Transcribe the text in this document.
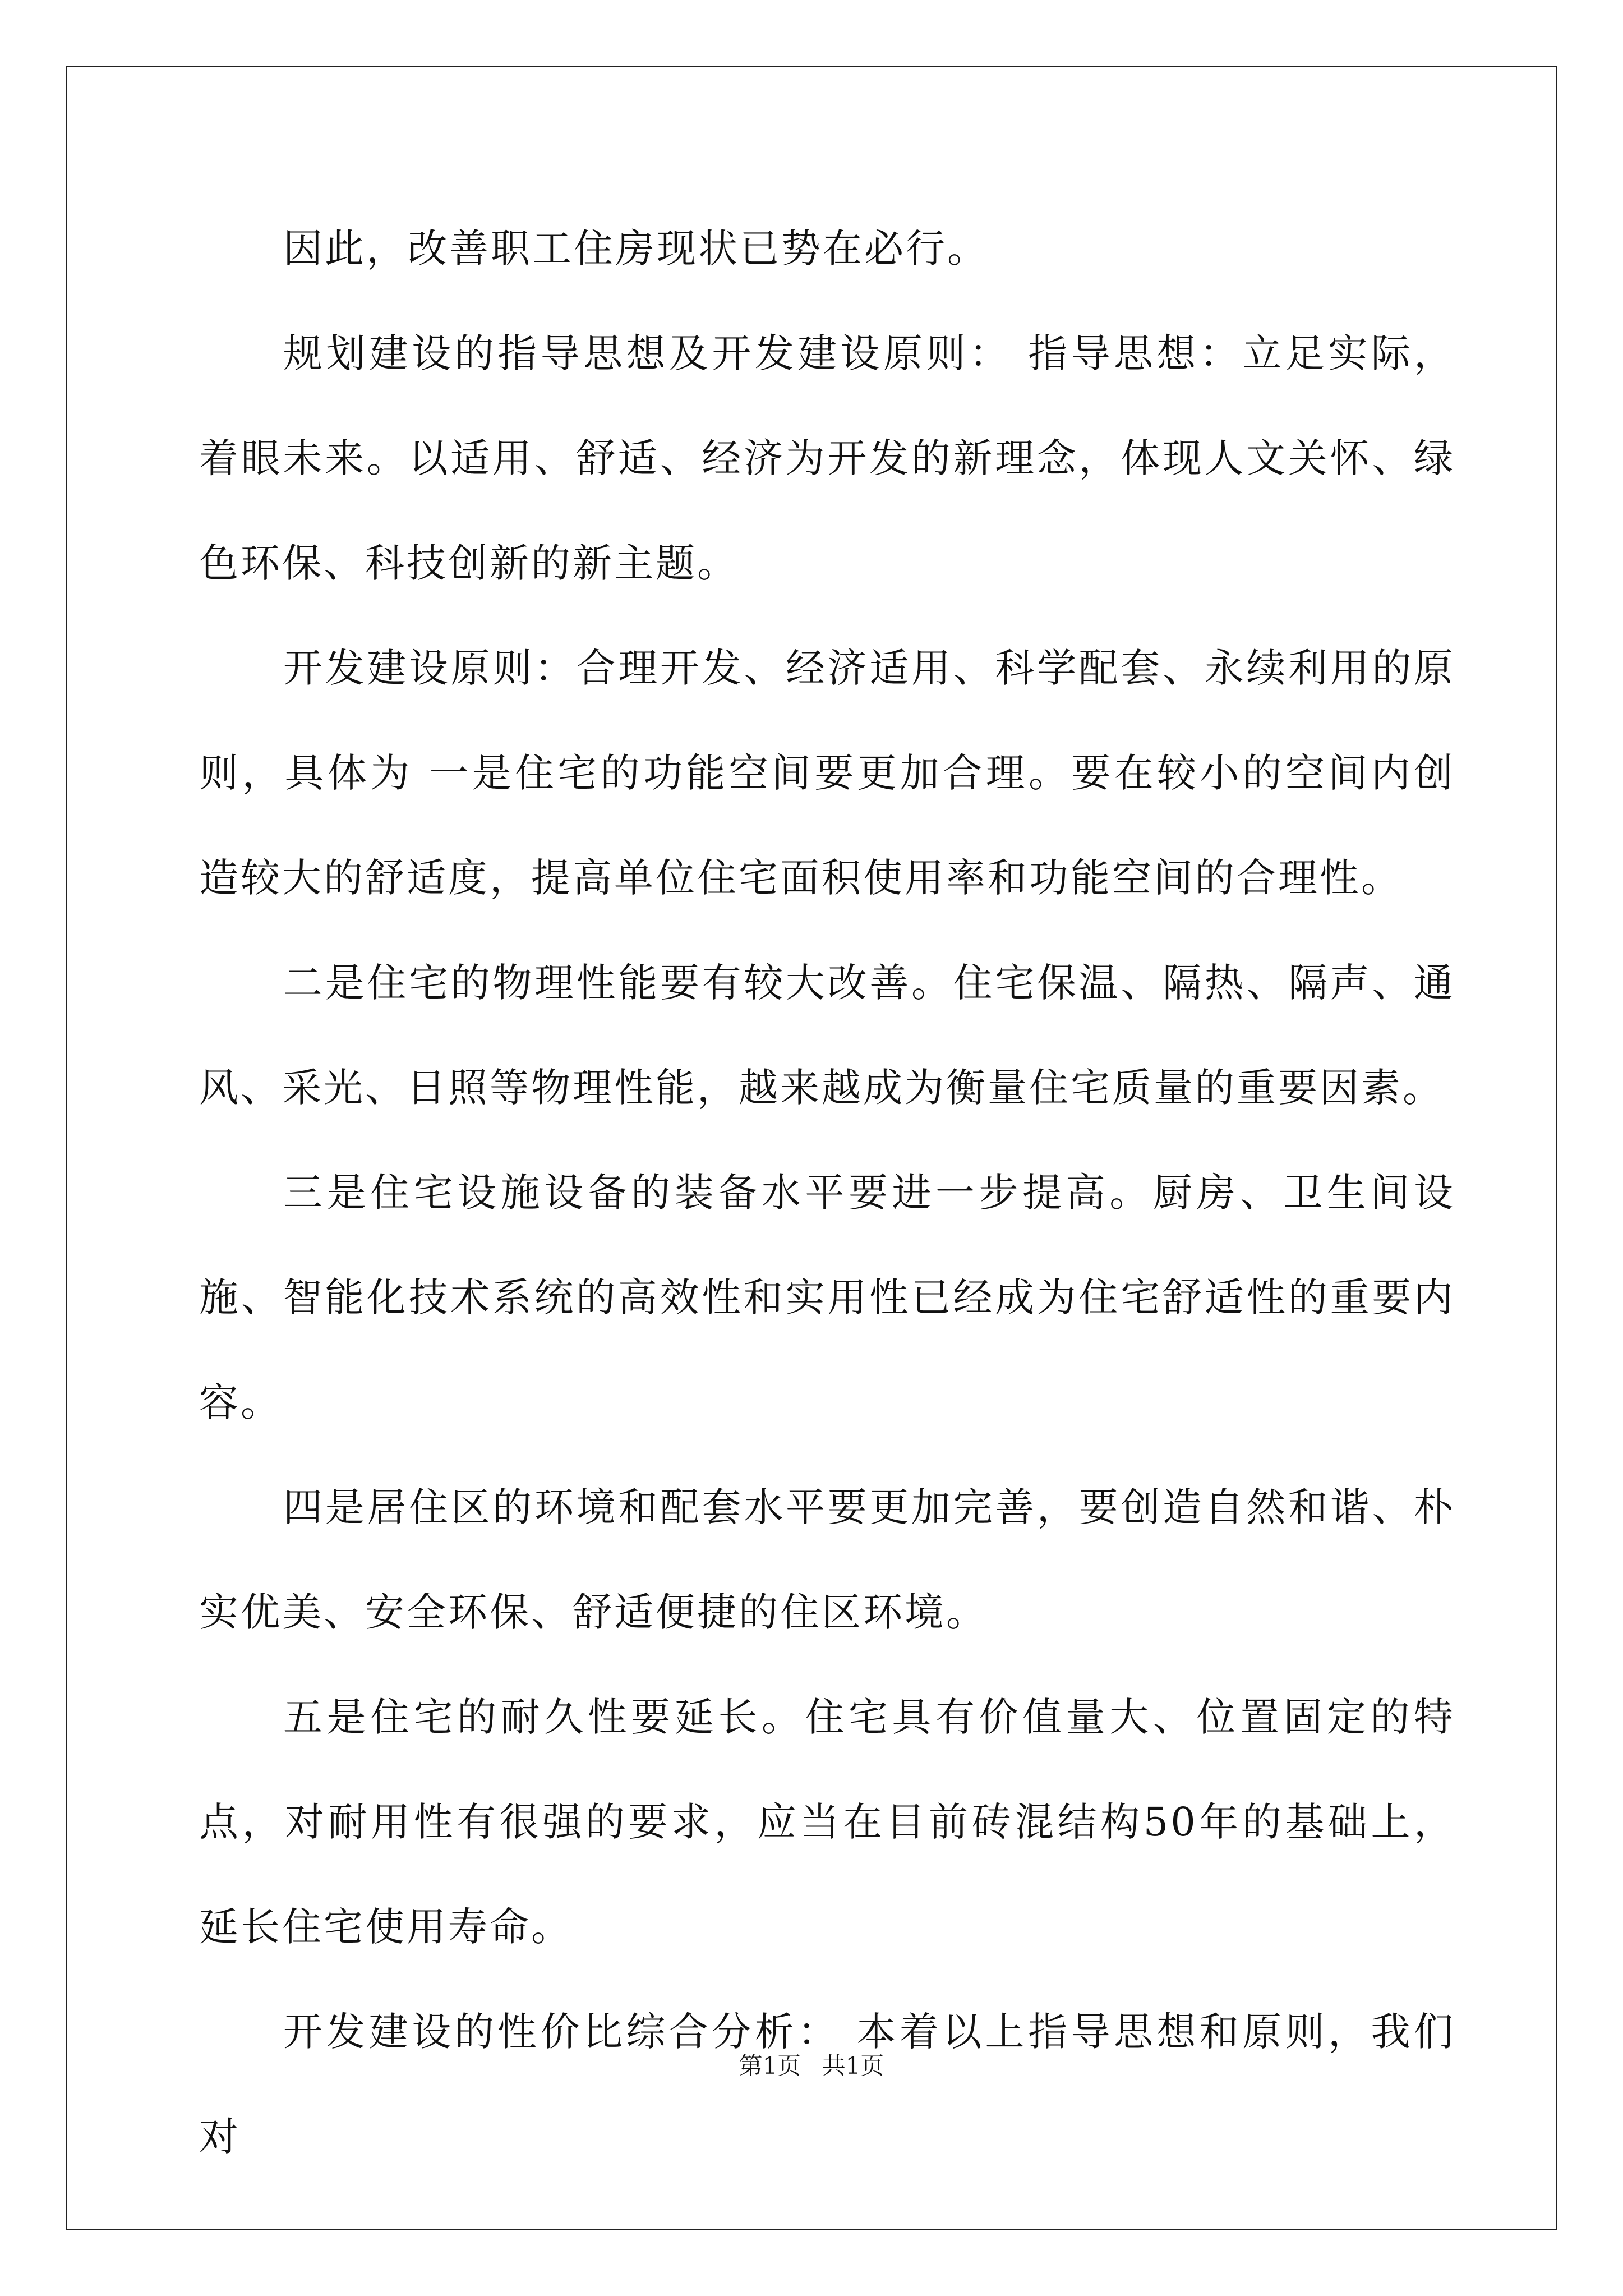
因此，改善职工住房现状已势在必行。

规划建设的指导思想及开发建设原则： 指导思想：立足实际，着眼未来。以适用、舒适、经济为开发的新理念，体现人文关怀、绿色环保、科技创新的新主题。

开发建设原则：合理开发、经济适用、科学配套、永续利用的原则，具体为 一是住宅的功能空间要更加合理。要在较小的空间内创造较大的舒适度，提高单位住宅面积使用率和功能空间的合理性。

二是住宅的物理性能要有较大改善。住宅保温、隔热、隔声、通风、采光、日照等物理性能，越来越成为衡量住宅质量的重要因素。

三是住宅设施设备的装备水平要进一步提高。厨房、卫生间设施、智能化技术系统的高效性和实用性已经成为住宅舒适性的重要内容。

四是居住区的环境和配套水平要更加完善，要创造自然和谐、朴实优美、安全环保、舒适便捷的住区环境。

五是住宅的耐久性要延长。住宅具有价值量大、位置固定的特点，对耐用性有很强的要求，应当在目前砖混结构50年的基础上，延长住宅使用寿命。

开发建设的性价比综合分析： 本着以上指导思想和原则，我们对

第1页 共1页
